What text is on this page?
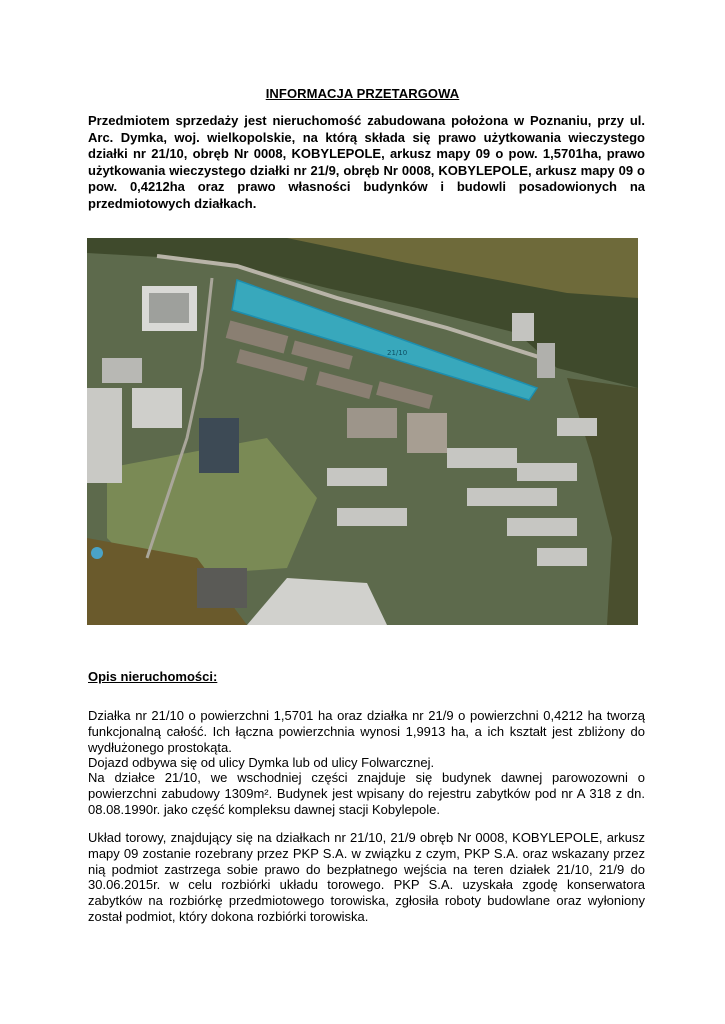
INFORMACJA PRZETARGOWA

Przedmiotem sprzedaży jest nieruchomość zabudowana położona w Poznaniu, przy ul. Arc. Dymka, woj. wielkopolskie, na którą składa się prawo użytkowania wieczystego działki nr 21/10, obręb Nr 0008, KOBYLEPOLE, arkusz mapy 09 o pow. 1,5701ha, prawo użytkowania wieczystego działki nr 21/9, obręb Nr 0008, KOBYLEPOLE, arkusz mapy 09 o pow. 0,4212ha oraz prawo własności budynków i budowli posadowionych na przedmiotowych działkach.

21/10
Opis nieruchomości:

Działka nr 21/10 o powierzchni 1,5701 ha oraz działka nr 21/9 o powierzchni 0,4212 ha tworzą funkcjonalną całość. Ich łączna powierzchnia wynosi 1,9913 ha, a ich kształt jest zbliżony do wydłużonego prostokąta.

Dojazd odbywa się od ulicy Dymka lub od ulicy Folwarcznej.

Na działce 21/10, we wschodniej części znajduje się budynek dawnej parowozowni o powierzchni zabudowy 1309m². Budynek jest wpisany do rejestru zabytków pod nr A 318 z dn. 08.08.1990r. jako część kompleksu dawnej stacji Kobylepole.

Układ torowy, znajdujący się na działkach nr 21/10, 21/9 obręb Nr 0008, KOBYLEPOLE, arkusz mapy 09 zostanie rozebrany przez PKP S.A. w związku z czym, PKP S.A. oraz wskazany przez nią podmiot zastrzega sobie prawo do bezpłatnego wejścia na teren działek 21/10, 21/9 do 30.06.2015r. w celu rozbiórki układu torowego. PKP S.A. uzyskała zgodę konserwatora zabytków na rozbiórkę przedmiotowego torowiska, zgłosiła roboty budowlane oraz wyłoniony został podmiot, który dokona rozbiórki torowiska.
